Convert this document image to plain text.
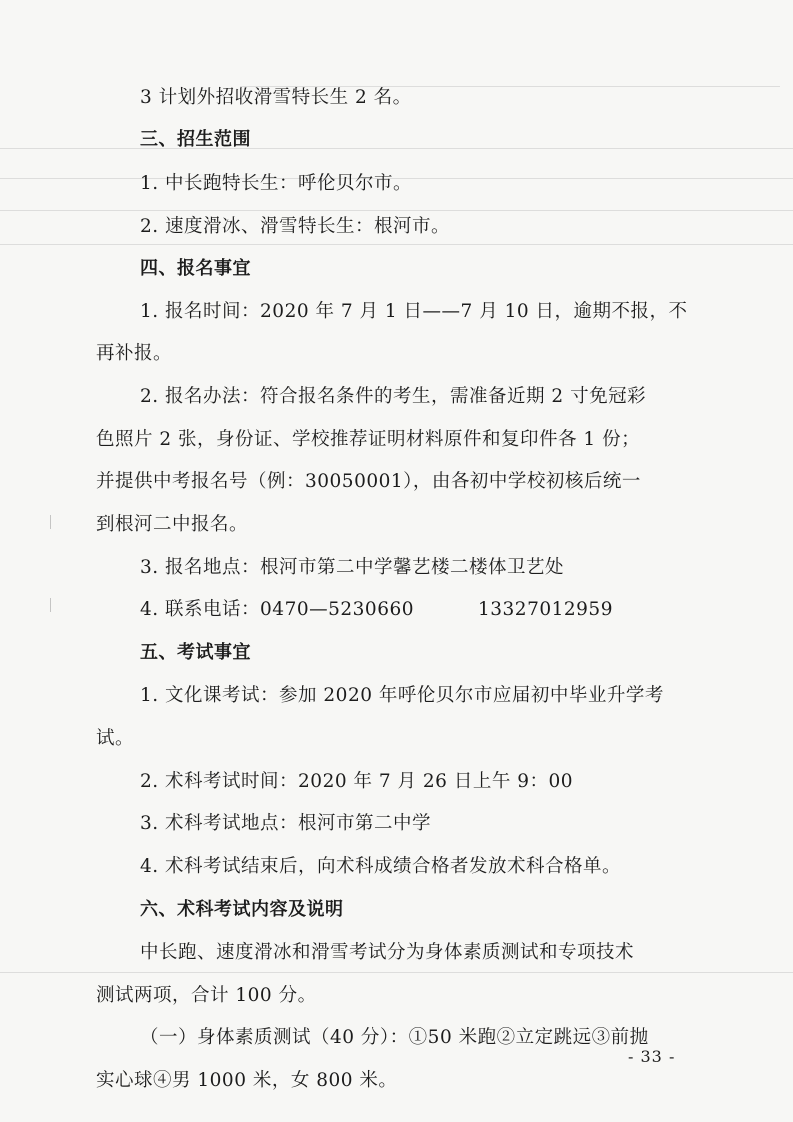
3 计划外招收滑雪特长生 2 名。
三、招生范围
1. 中长跑特长生：呼伦贝尔市。
2. 速度滑冰、滑雪特长生：根河市。
四、报名事宜
1. 报名时间：2020 年 7 月 1 日——7 月 10 日，逾期不报，不
再补报。
2. 报名办法：符合报名条件的考生，需准备近期 2 寸免冠彩
色照片 2 张，身份证、学校推荐证明材料原件和复印件各 1 份；
并提供中考报名号（例：30050001），由各初中学校初核后统一
到根河二中报名。
3. 报名地点：根河市第二中学馨艺楼二楼体卫艺处
4. 联系电话：0470—5230660	13327012959
五、考试事宜
1. 文化课考试：参加 2020 年呼伦贝尔市应届初中毕业升学考
试。
2. 术科考试时间：2020 年 7 月 26 日上午 9：00
3. 术科考试地点：根河市第二中学
4. 术科考试结束后，向术科成绩合格者发放术科合格单。
六、术科考试内容及说明
中长跑、速度滑冰和滑雪考试分为身体素质测试和专项技术
测试两项，合计 100 分。
（一）身体素质测试（40 分）：①50 米跑②立定跳远③前抛
实心球④男 1000 米，女 800 米。
- 33 -
